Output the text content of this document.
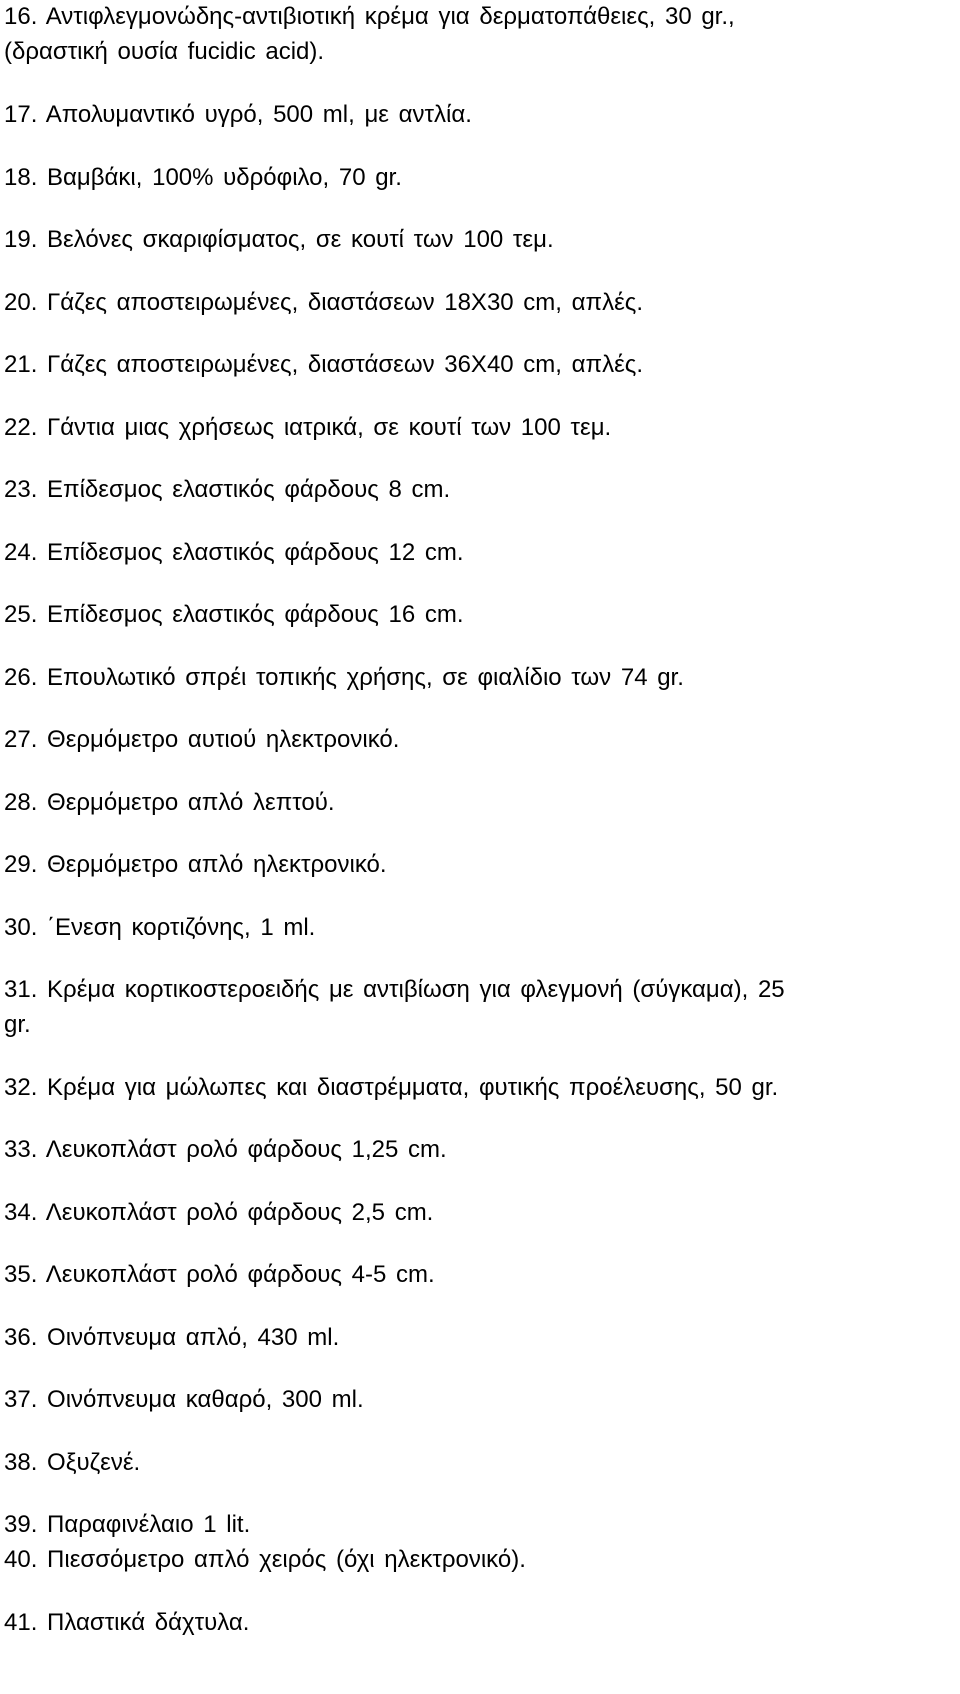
16. Αντιφλεγμονώδης-αντιβιοτική κρέμα για δερματοπάθειες, 30 gr.,

(δραστική ουσία fucidic acid).

17. Απολυμαντικό υγρό, 500 ml, με αντλία.

18. Βαμβάκι, 100% υδρόφιλο, 70 gr.

19. Βελόνες σκαριφίσματος, σε κουτί των 100 τεμ.

20. Γάζες αποστειρωμένες, διαστάσεων 18Χ30 cm, απλές.

21. Γάζες αποστειρωμένες, διαστάσεων 36Χ40 cm, απλές.

22. Γάντια μιας χρήσεως ιατρικά, σε κουτί των 100 τεμ.

23. Επίδεσμος ελαστικός φάρδους 8 cm.

24. Επίδεσμος ελαστικός φάρδους 12 cm.

25. Επίδεσμος ελαστικός φάρδους 16 cm.

26. Επουλωτικό σπρέι τοπικής χρήσης, σε φιαλίδιο των 74 gr.

27. Θερμόμετρο αυτιού ηλεκτρονικό.

28. Θερμόμετρο απλό λεπτού.

29. Θερμόμετρο απλό ηλεκτρονικό.

30. ΄Ενεση κορτιζόνης, 1 ml.

31. Κρέμα κορτικοστεροειδής με αντιβίωση για φλεγμονή (σύγκαμα), 25

gr.

32. Κρέμα για μώλωπες και διαστρέμματα, φυτικής προέλευσης, 50 gr.

33. Λευκοπλάστ ρολό φάρδους 1,25 cm.

34. Λευκοπλάστ ρολό φάρδους 2,5 cm.

35. Λευκοπλάστ ρολό φάρδους 4-5 cm.

36. Οινόπνευμα απλό, 430 ml.

37. Οινόπνευμα καθαρό, 300 ml.

38. Οξυζενέ.

39. Παραφινέλαιο 1 lit.

40. Πιεσσόμετρο απλό χειρός (όχι ηλεκτρονικό).

41. Πλαστικά δάχτυλα.
